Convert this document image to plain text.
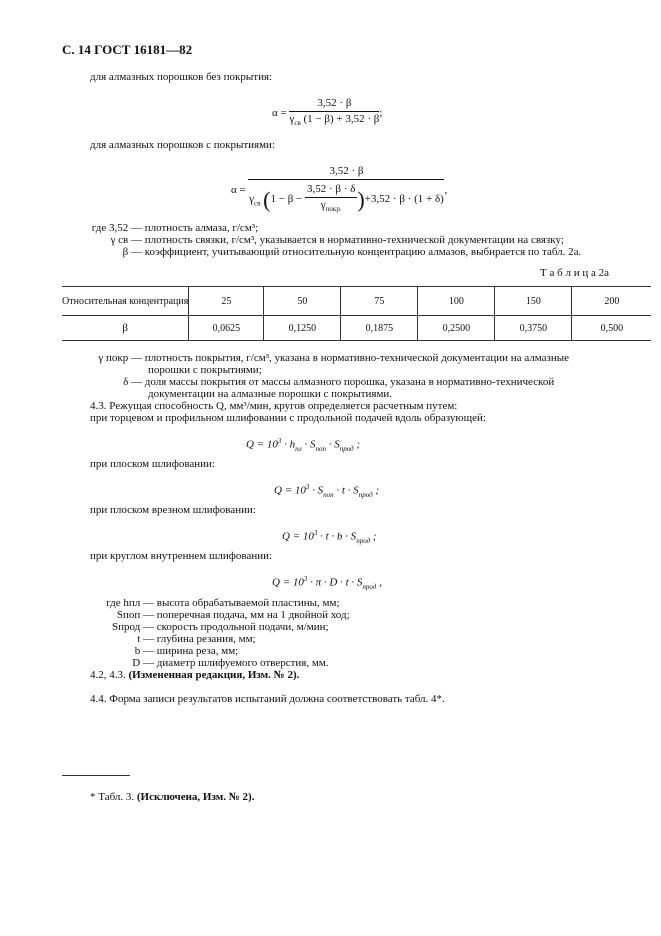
С. 14 ГОСТ 16181—82
для алмазных порошков без покрытия:
$\alpha = \frac{3,52 \cdot \beta}{\gamma_{св} (1 - \beta) + 3,52 \cdot \beta}$ ;
для алмазных порошков с покрытиями:
α =
3,52 · β
$\gamma_{св}$ $(1 - \beta - \frac{3,52 \cdot \beta \cdot \delta}{\gamma_{покр.}} )+3,52 \cdot \beta \cdot (1 + \delta)$
,
где 3,52 — плотность алмаза, г/см³;
γ св — плотность связки, г/см³, указывается в нормативно-технической документации на связку;
β — коэффициент, учитывающий относительную концентрацию алмазов, выбирается по табл. 2а.
Т а б л и ц а 2а
Относительная концентрация	25	50	75	100	150	200
β	0,0625	0,1250	0,1875	0,2500	0,3750	0,500
γ покр — плотность покрытия, г/см³, указана в нормативно-технической документации на алмазные
порошки с покрытиями;
δ — доля массы покрытия от массы алмазного порошка, указана в нормативно-технической
документации на алмазные порошки с покрытиями.
4.3. Режущая способность Q, мм³/мин, кругов определяется расчетным путем:
при торцевом и профильном шлифовании с продольной подачей вдоль образующей:
$Q = 10^3 \cdot h_{пл} \cdot S_{поп} \cdot S_{прод}$ ;
при плоском шлифовании:
$Q = 10^3 \cdot S_{поп} \cdot t \cdot S_{прод}$ ;
при плоском врезном шлифовании:
$Q = 10^3 \cdot t \cdot b \cdot S_{прод}$ ;
при круглом внутреннем шлифовании:
$Q = 10^3 \cdot \pi \cdot D \cdot t \cdot S_{прод}$ ,
где hпл — высота обрабатываемой пластины, мм;
Sпоп — поперечная подача, мм на 1 двойной ход;
Sпрод — скорость продольной подачи, м/мин;
t — глубина резания, мм;
b — ширина реза, мм;
D — диаметр шлифуемого отверстия, мм.
4.2, 4.3. (Измененная редакция, Изм. № 2).
4.4. Форма записи результатов испытаний должна соответствовать табл. 4*.
* Табл. 3. (Исключена, Изм. № 2).
